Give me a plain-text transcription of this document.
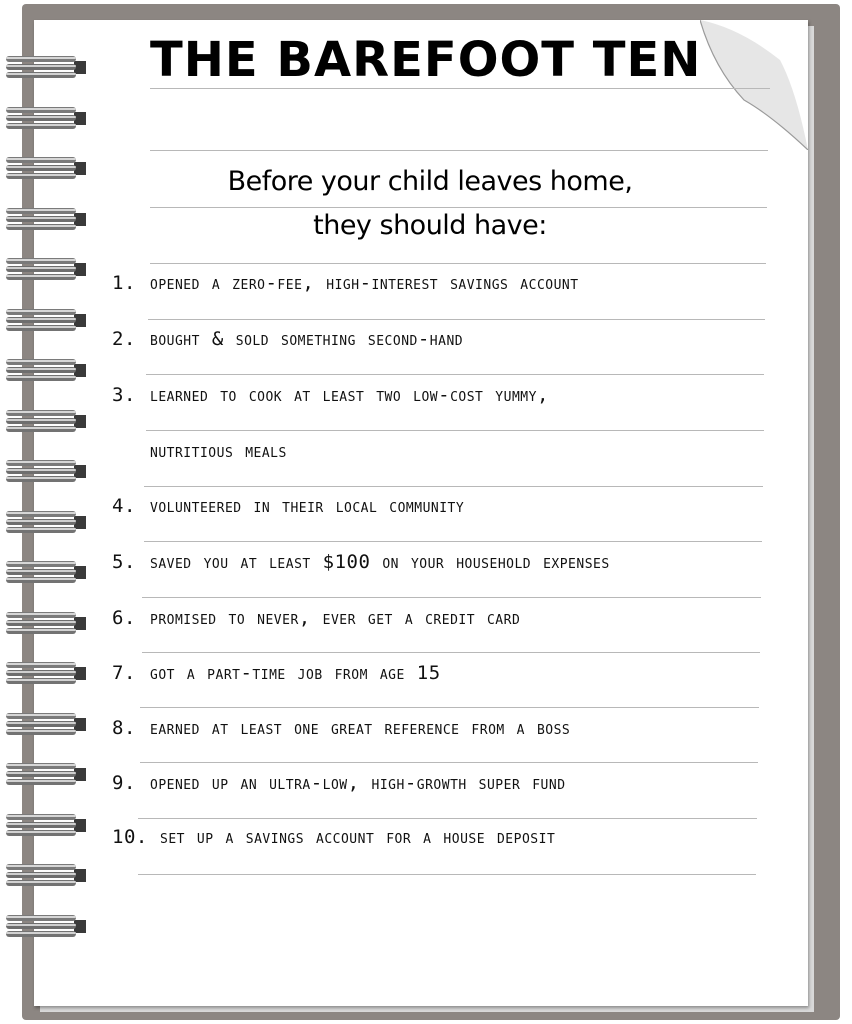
THE BAREFOOT TEN
Before your child leaves home,
they should have:
1. opened a zero-fee, high-interest savings account
2. bought & sold something second-hand
3. learned to cook at least two low-cost yummy,
nutritious meals
4. volunteered in their local community
5. saved you at least $100 on your household expenses
6. promised to never, ever get a credit card
7. got a part-time job from age 15
8. earned at least one great reference from a boss
9. opened up an ultra-low, high-growth super fund
10. set up a savings account for a house deposit
